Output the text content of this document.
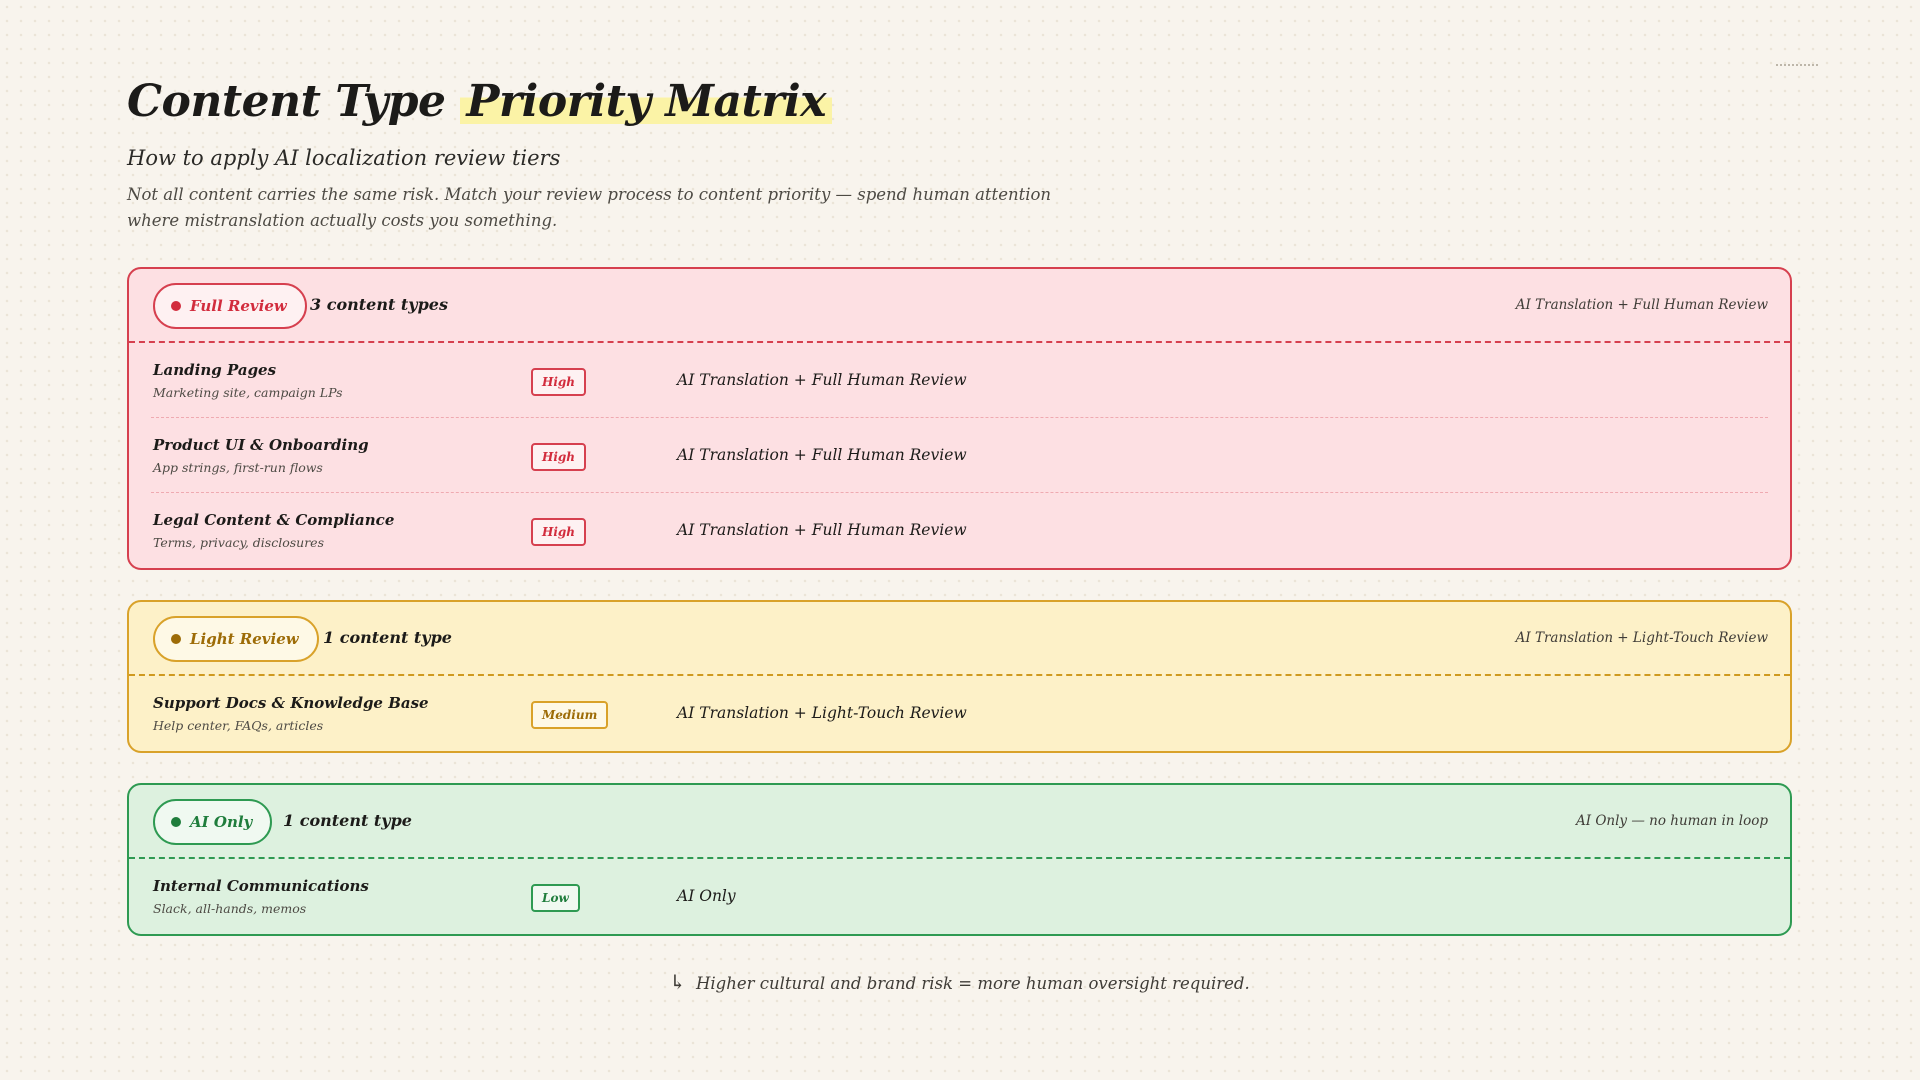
Content Type Priority Matrix
How to apply AI localization review tiers

Not all content carries the same risk. Match your review process to content priority — spend human attention where mistranslation actually costs you something.

Full Review 3 content types	AI Translation + Full Human Review
Landing Pages
Marketing site, campaign LPs
High	AI Translation + Full Human Review
Product UI & Onboarding
App strings, first-run flows
High	AI Translation + Full Human Review
Legal Content & Compliance
Terms, privacy, disclosures
High	AI Translation + Full Human Review
Light Review 1 content type	AI Translation + Light-Touch Review
Support Docs & Knowledge Base
Help center, FAQs, articles
Medium	AI Translation + Light-Touch Review
AI Only 1 content type	AI Only — no human in loop
Internal Communications
Slack, all-hands, memos
Low	AI Only
↳ Higher cultural and brand risk = more human oversight required.
